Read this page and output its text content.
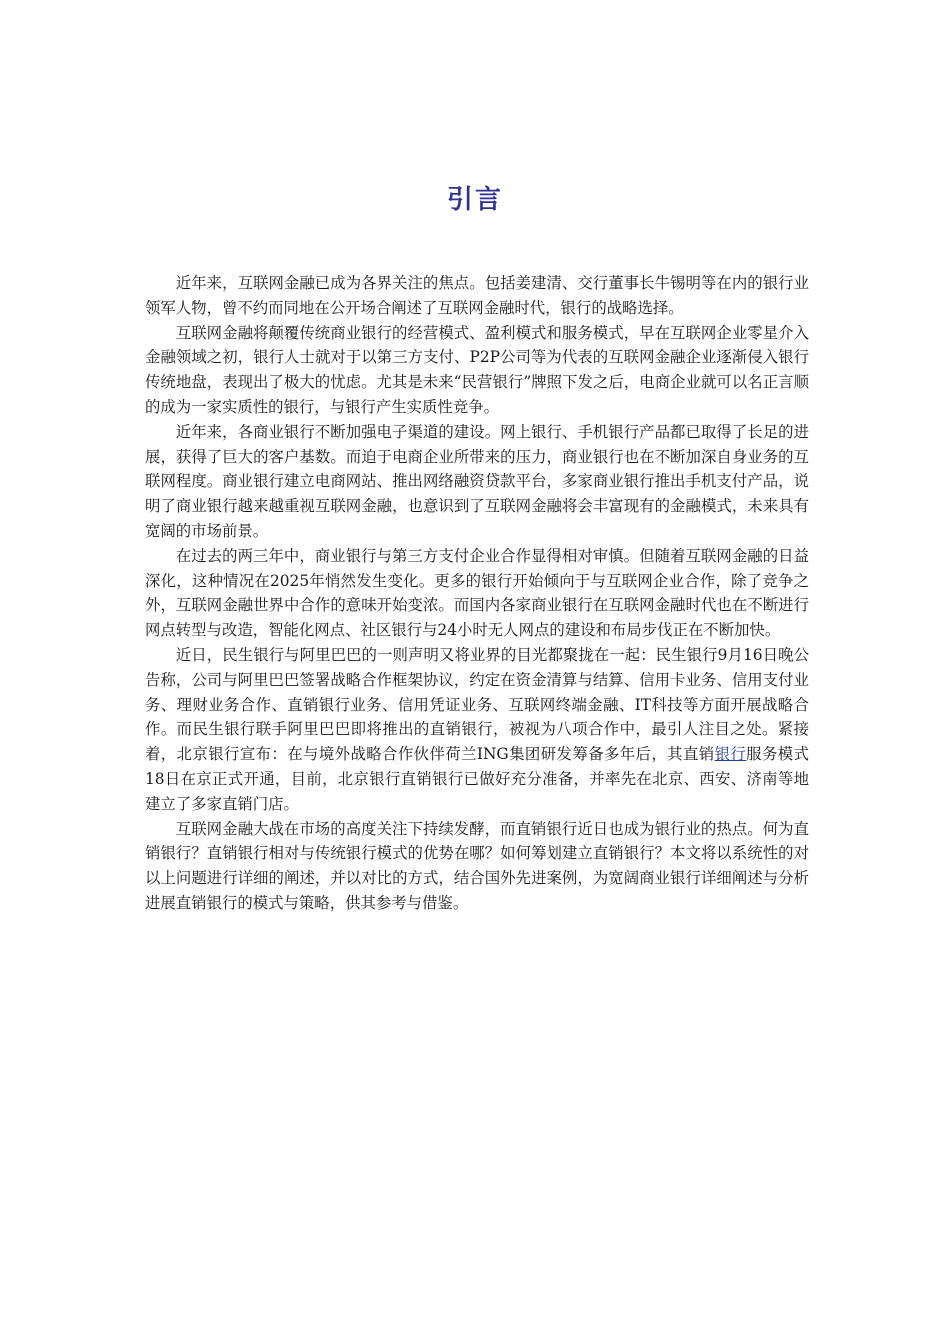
引言

近年来，互联网金融已成为各界关注的焦点。包括姜建清、交行董事长牛锡明等在内的银行业领军人物，曾不约而同地在公开场合阐述了互联网金融时代，银行的战略选择。

互联网金融将颠覆传统商业银行的经营模式、盈利模式和服务模式，早在互联网企业零星介入金融领域之初，银行人士就对于以第三方支付、P2P公司等为代表的互联网金融企业逐渐侵入银行传统地盘，表现出了极大的忧虑。尤其是未来“民营银行”牌照下发之后，电商企业就可以名正言顺的成为一家实质性的银行，与银行产生实质性竞争。

近年来，各商业银行不断加强电子渠道的建设。网上银行、手机银行产品都已取得了长足的进展，获得了巨大的客户基数。而迫于电商企业所带来的压力，商业银行也在不断加深自身业务的互联网程度。商业银行建立电商网站、推出网络融资贷款平台，多家商业银行推出手机支付产品，说明了商业银行越来越重视互联网金融，也意识到了互联网金融将会丰富现有的金融模式，未来具有宽阔的市场前景。

在过去的两三年中，商业银行与第三方支付企业合作显得相对审慎。但随着互联网金融的日益深化，这种情况在2025年悄然发生变化。更多的银行开始倾向于与互联网企业合作，除了竞争之外，互联网金融世界中合作的意味开始变浓。而国内各家商业银行在互联网金融时代也在不断进行网点转型与改造，智能化网点、社区银行与24小时无人网点的建设和布局步伐正在不断加快。

近日，民生银行与阿里巴巴的一则声明又将业界的目光都聚拢在一起：民生银行9月16日晚公告称，公司与阿里巴巴签署战略合作框架协议，约定在资金清算与结算、信用卡业务、信用支付业务、理财业务合作、直销银行业务、信用凭证业务、互联网终端金融、IT科技等方面开展战略合作。而民生银行联手阿里巴巴即将推出的直销银行，被视为八项合作中，最引人注目之处。紧接着，北京银行宣布：在与境外战略合作伙伴荷兰ING集团研发筹备多年后，其直销银行服务模式18日在京正式开通，目前，北京银行直销银行已做好充分准备，并率先在北京、西安、济南等地建立了多家直销门店。

互联网金融大战在市场的高度关注下持续发酵，而直销银行近日也成为银行业的热点。何为直销银行？直销银行相对与传统银行模式的优势在哪？如何筹划建立直销银行？本文将以系统性的对以上问题进行详细的阐述，并以对比的方式，结合国外先进案例，为宽阔商业银行详细阐述与分析进展直销银行的模式与策略，供其参考与借鉴。
